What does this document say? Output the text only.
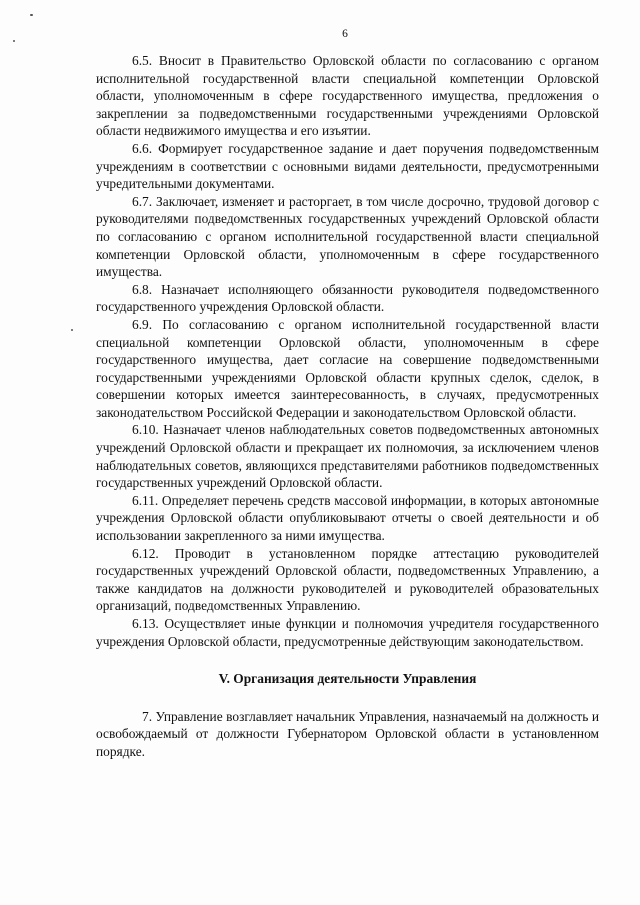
6

6.5. Вносит в Правительство Орловской области по согласованию с органом исполнительной государственной власти специальной компетенции Орловской области, уполномоченным в сфере государственного имущества, предложения о закреплении за подведомственными государственными учреждениями Орловской области недвижимого имущества и его изъятии.

6.6. Формирует государственное задание и дает поручения подведомственным учреждениям в соответствии с основными видами деятельности, предусмотренными учредительными документами.

6.7. Заключает, изменяет и расторгает, в том числе досрочно, трудовой договор с руководителями подведомственных государственных учреждений Орловской области по согласованию с органом исполнительной государственной власти специальной компетенции Орловской области, уполномоченным в сфере государственного имущества.

6.8. Назначает исполняющего обязанности руководителя подведомственного государственного учреждения Орловской области.

6.9. По согласованию с органом исполнительной государственной власти специальной компетенции Орловской области, уполномоченным в сфере государственного имущества, дает согласие на совершение подведомственными государственными учреждениями Орловской области крупных сделок, сделок, в совершении которых имеется заинтересованность, в случаях, предусмотренных законодательством Российской Федерации и законодательством Орловской области.

6.10. Назначает членов наблюдательных советов подведомственных автономных учреждений Орловской области и прекращает их полномочия, за исключением членов наблюдательных советов, являющихся представителями работников подведомственных государственных учреждений Орловской области.

6.11. Определяет перечень средств массовой информации, в которых автономные учреждения Орловской области опубликовывают отчеты о своей деятельности и об использовании закрепленного за ними имущества.

6.12. Проводит в установленном порядке аттестацию руководителей государственных учреждений Орловской области, подведомственных Управлению, а также кандидатов на должности руководителей и руководителей образовательных организаций, подведомственных Управлению.

6.13. Осуществляет иные функции и полномочия учредителя государственного учреждения Орловской области, предусмотренные действующим законодательством.

V. Организация деятельности Управления

7. Управление возглавляет начальник Управления, назначаемый на должность и освобождаемый от должности Губернатором Орловской области в установленном порядке.
